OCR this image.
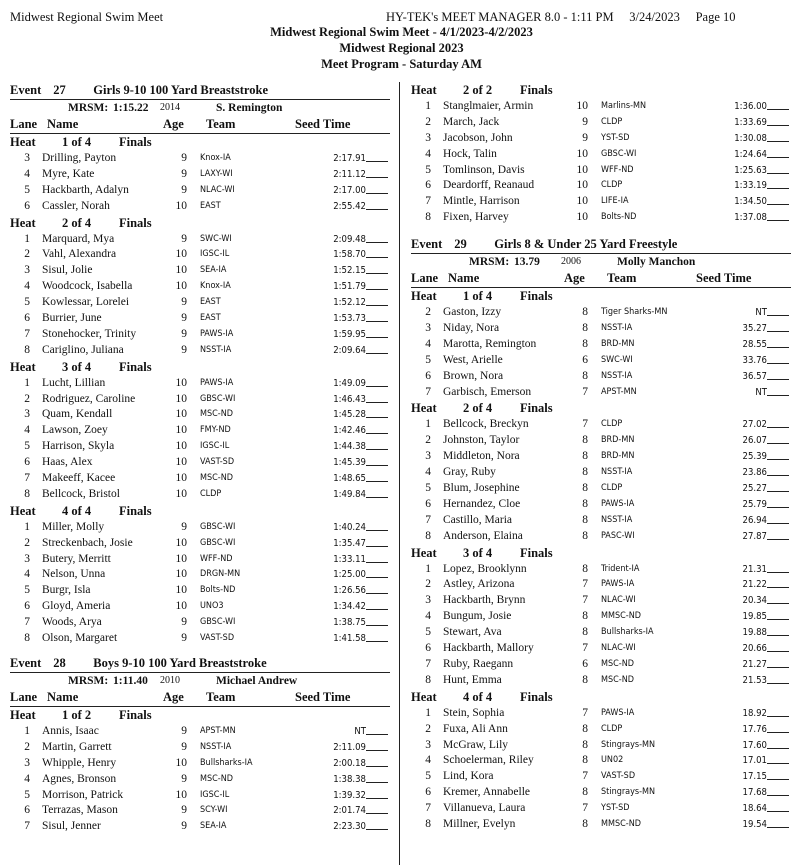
Midwest Regional Swim Meet	HY-TEK's MEET MANAGER 8.0 - 1:11 PM 3/24/2023 Page 10
Midwest Regional Swim Meet - 4/1/2023-4/2/2023
Midwest Regional 2023
Meet Program - Saturday AM
Event 27 Girls 9-10 100 Yard Breaststroke
MRSM: 1:15.22 2014	S. Remington
Lane Name	Age Team	Seed Time
Heat 1 of 4 Finals
3 Drilling, Payton	9 Knox-IA	2:17.91
4 Myre, Kate	9 LAXY-WI	2:11.12
5 Hackbarth, Adalyn	9 NLAC-WI	2:17.00
6 Cassler, Norah	10 EAST	2:55.42
Heat 2 of 4 Finals
1 Marquard, Mya	9 SWC-WI	2:09.48
2 Vahl, Alexandra	10 IGSC-IL	1:58.70
3 Sisul, Jolie	10 SEA-IA	1:52.15
4 Woodcock, Isabella	10 Knox-IA	1:51.79
5 Kowlessar, Lorelei	9 EAST	1:52.12
6 Burrier, June	9 EAST	1:53.73
7 Stonehocker, Trinity	9 PAWS-IA	1:59.95
8 Cariglino, Juliana	9 NSST-IA	2:09.64
Heat 3 of 4 Finals
1 Lucht, Lillian	10 PAWS-IA	1:49.09
2 Rodriguez, Caroline	10 GBSC-WI	1:46.43
3 Quam, Kendall	10 MSC-ND	1:45.28
4 Lawson, Zoey	10 FMY-ND	1:42.46
5 Harrison, Skyla	10 IGSC-IL	1:44.38
6 Haas, Alex	10 VAST-SD	1:45.39
7 Makeeff, Kacee	10 MSC-ND	1:48.65
8 Bellcock, Bristol	10 CLDP	1:49.84
Heat 4 of 4 Finals
1 Miller, Molly	9 GBSC-WI	1:40.24
2 Streckenbach, Josie	10 GBSC-WI	1:35.47
3 Butery, Merritt	10 WFF-ND	1:33.11
4 Nelson, Unna	10 DRGN-MN	1:25.00
5 Burgr, Isla	10 Bolts-ND	1:26.56
6 Gloyd, Ameria	10 UNO3	1:34.42
7 Woods, Arya	9 GBSC-WI	1:38.75
8 Olson, Margaret	9 VAST-SD	1:41.58
Event 28 Boys 9-10 100 Yard Breaststroke
MRSM: 1:11.40 2010	Michael Andrew
Lane Name	Age Team	Seed Time
Heat 1 of 2 Finals
1 Annis, Isaac	9 APST-MN	NT
2 Martin, Garrett	9 NSST-IA	2:11.09
3 Whipple, Henry	10 Bullsharks-IA	2:00.18
4 Agnes, Bronson	9 MSC-ND	1:38.38
5 Morrison, Patrick	10 IGSC-IL	1:39.32
6 Terrazas, Mason	9 SCY-WI	2:01.74
7 Sisul, Jenner	9 SEA-IA	2:23.30
Heat 2 of 2 Finals
1 Stanglmaier, Armin	10 Marlins-MN	1:36.00
2 March, Jack	9 CLDP	1:33.69
3 Jacobson, John	9 YST-SD	1:30.08
4 Hock, Talin	10 GBSC-WI	1:24.64
5 Tomlinson, Davis	10 WFF-ND	1:25.63
6 Deardorff, Reanaud	10 CLDP	1:33.19
7 Mintle, Harrison	10 LIFE-IA	1:34.50
8 Fixen, Harvey	10 Bolts-ND	1:37.08
Event 29 Girls 8 & Under 25 Yard Freestyle
MRSM: 13.79 2006	Molly Manchon
Lane Name	Age Team	Seed Time
Heat 1 of 4 Finals
2 Gaston, Izzy	8 Tiger Sharks-MN	NT
3 Niday, Nora	8 NSST-IA	35.27
4 Marotta, Remington	8 BRD-MN	28.55
5 West, Arielle	6 SWC-WI	33.76
6 Brown, Nora	8 NSST-IA	36.57
7 Garbisch, Emerson	7 APST-MN	NT
Heat 2 of 4 Finals
1 Bellcock, Breckyn	7 CLDP	27.02
2 Johnston, Taylor	8 BRD-MN	26.07
3 Middleton, Nora	8 BRD-MN	25.39
4 Gray, Ruby	8 NSST-IA	23.86
5 Blum, Josephine	8 CLDP	25.27
6 Hernandez, Cloe	8 PAWS-IA	25.79
7 Castillo, Maria	8 NSST-IA	26.94
8 Anderson, Elaina	8 PASC-WI	27.87
Heat 3 of 4 Finals
1 Lopez, Brooklynn	8 Trident-IA	21.31
2 Astley, Arizona	7 PAWS-IA	21.22
3 Hackbarth, Brynn	7 NLAC-WI	20.34
4 Bungum, Josie	8 MMSC-ND	19.85
5 Stewart, Ava	8 Bullsharks-IA	19.88
6 Hackbarth, Mallory	7 NLAC-WI	20.66
7 Ruby, Raegann	6 MSC-ND	21.27
8 Hunt, Emma	8 MSC-ND	21.53
Heat 4 of 4 Finals
1 Stein, Sophia	7 PAWS-IA	18.92
2 Fuxa, Ali Ann	8 CLDP	17.76
3 McGraw, Lily	8 Stingrays-MN	17.60
4 Schoelerman, Riley	8 UN02	17.01
5 Lind, Kora	7 VAST-SD	17.15
6 Kremer, Annabelle	8 Stingrays-MN	17.68
7 Villanueva, Laura	7 YST-SD	18.64
8 Millner, Evelyn	8 MMSC-ND	19.54
